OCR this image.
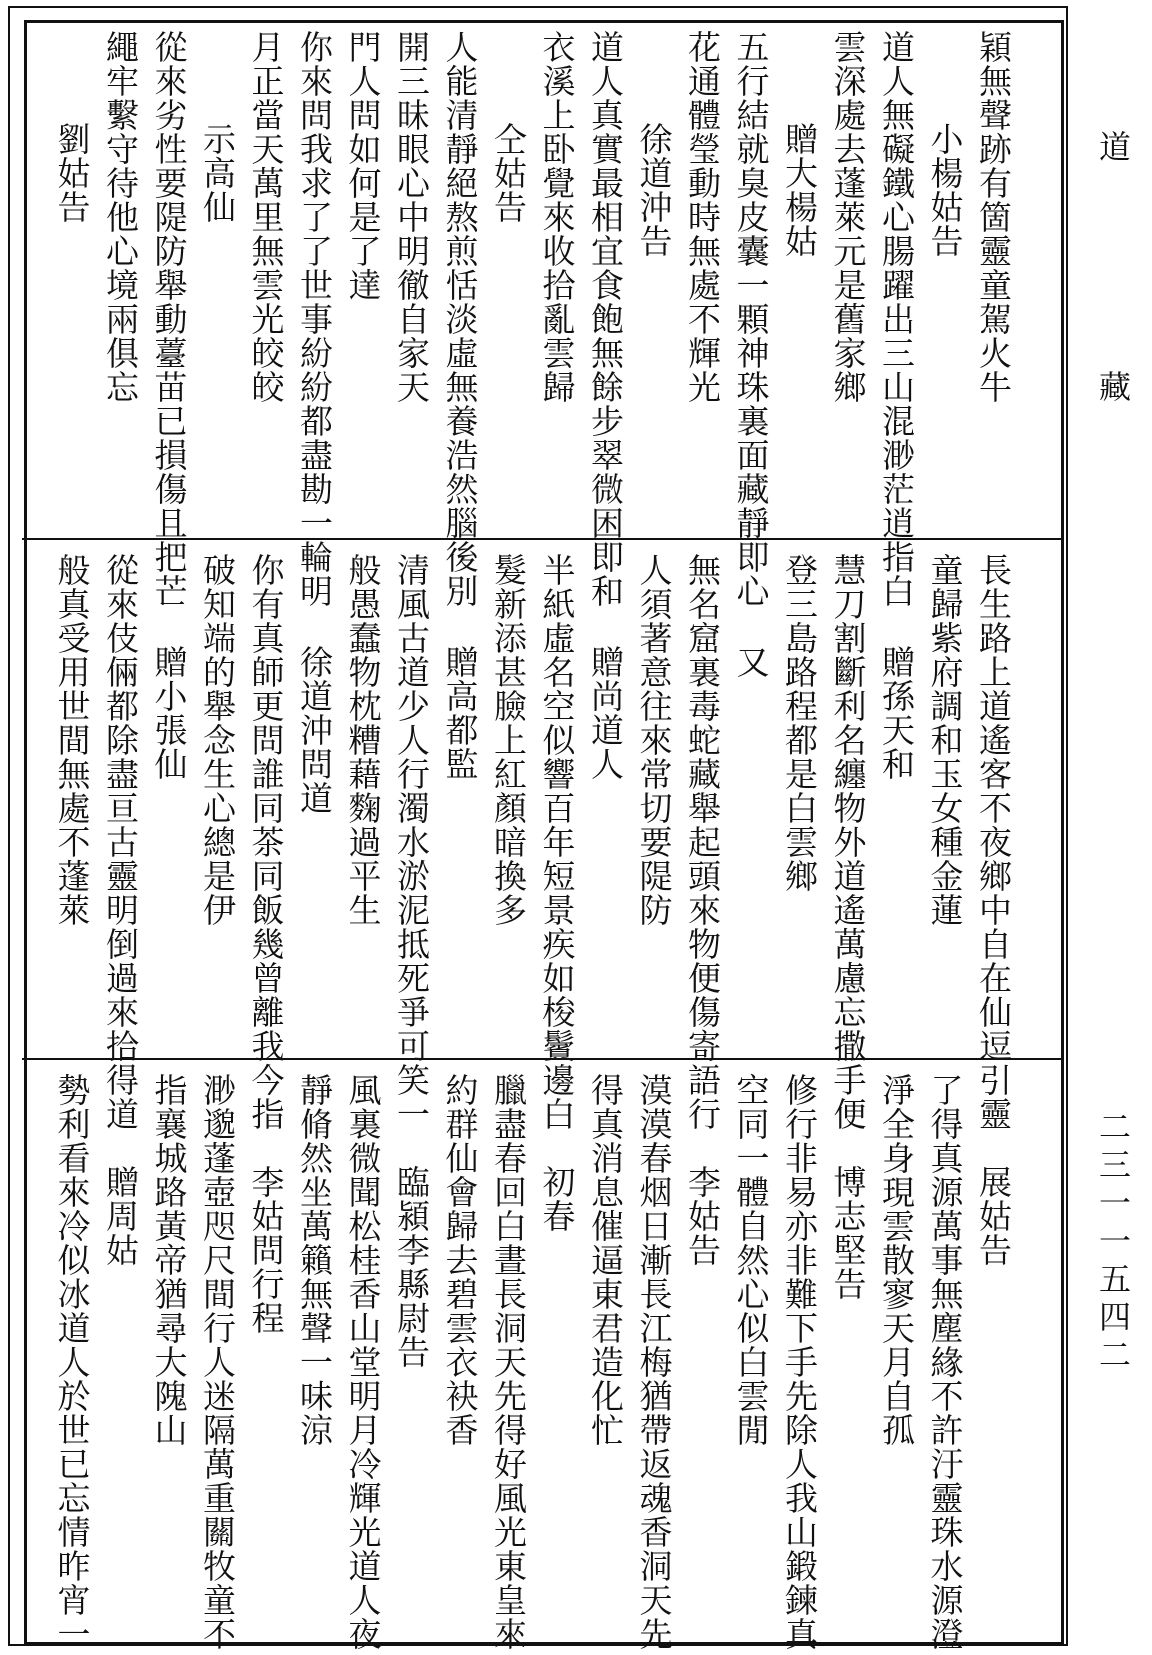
道
藏
二三一一五四二
穎無聲跡有箇靈童駕火牛
小楊姑告
道人無礙鐵心腸躍出三山混渺茫逍指白
雲深處去蓬萊元是舊家鄉
贈大楊姑
五行結就臭皮囊一顆神珠裏面藏靜即心
花通體瑩動時無處不輝光
徐道沖告
道人真實最相宜食飽無餘步翠微困即和
衣溪上卧覺來收拾亂雲歸
仝姑告
人能清靜絕熬煎恬淡虛無養浩然腦後別
開三昧眼心中明徹自家天
門人問如何是了達
你來問我求了了世事紛紛都盡勘一輪明
月正當天萬里無雲光皎皎
示高仙
從來劣性要隄防舉動薹苗已損傷且把芒
繩牢繫守待他心境兩俱忘
劉姑告
長生路上道遙客不夜鄉中自在仙逗引靈
童歸紫府調和玉女種金蓮
贈孫天和
慧刀割斷利名纏物外道遙萬慮忘撒手便
登三島路程都是白雲鄉
又
無名窟裏毒蛇藏舉起頭來物便傷寄語行
人須著意往來常切要隄防
贈尚道人
半紙虛名空似響百年短景疾如梭鬢邊白
髮新添甚臉上紅顏暗換多
贈高都監
清風古道少人行濁水淤泥抵死爭可笑一
般愚蠢物枕糟藉麴過平生
徐道沖問道
你有真師更問誰同茶同飯幾曾離我今指
破知端的舉念生心總是伊
贈小張仙
從來伎倆都除盡亘古靈明倒過來拾得道
般真受用世間無處不蓬萊
展姑告
了得真源萬事無塵緣不許汙靈珠水源澄
淨全身現雲散寥天月自孤
博志堅告
修行非易亦非難下手先除人我山鍛鍊真
空同一體自然心似白雲閒
李姑告
漠漠春烟日漸長江梅猶帶返魂香洞天先
得真消息催逼東君造化忙
初春
臘盡春回白晝長洞天先得好風光東皇來
約群仙會歸去碧雲衣袂香
臨潁李縣尉告
風裏微聞松桂香山堂明月冷輝光道人夜
靜脩然坐萬籟無聲一味涼
李姑問行程
渺邈蓬壺咫尺間行人迷隔萬重關牧童不
指襄城路黃帝猶尋大隗山
贈周姑
勢利看來冷似冰道人於世已忘情昨宵一
